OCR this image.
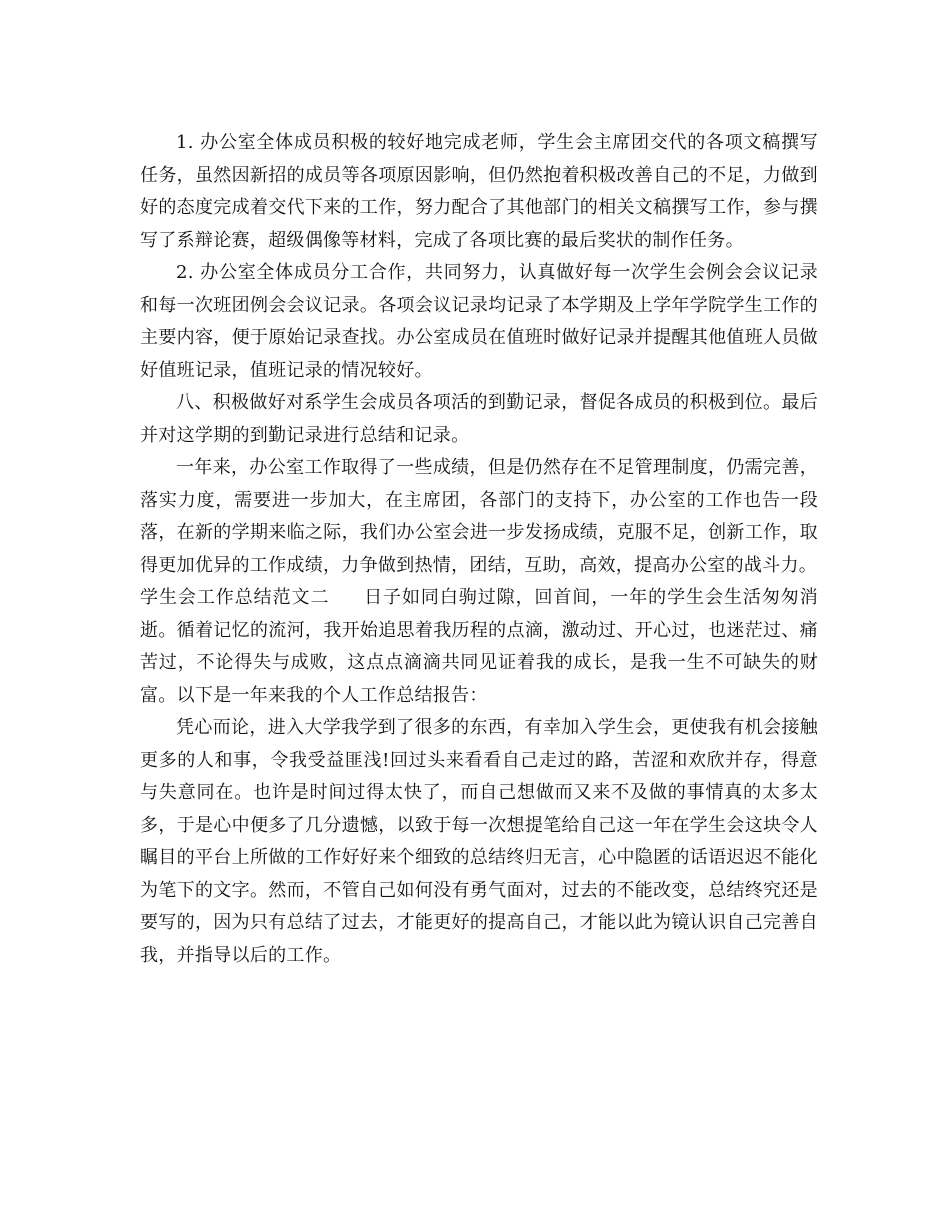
1. 办公室全体成员积极的较好地完成老师，学生会主席团交代的各项文稿撰写任务，虽然因新招的成员等各项原因影响，但仍然抱着积极改善自己的不足，力做到好的态度完成着交代下来的工作，努力配合了其他部门的相关文稿撰写工作，参与撰写了系辩论赛，超级偶像等材料，完成了各项比赛的最后奖状的制作任务。

2. 办公室全体成员分工合作，共同努力，认真做好每一次学生会例会会议记录和每一次班团例会会议记录。各项会议记录均记录了本学期及上学年学院学生工作的主要内容，便于原始记录查找。办公室成员在值班时做好记录并提醒其他值班人员做好值班记录，值班记录的情况较好。

八、积极做好对系学生会成员各项活的到勤记录，督促各成员的积极到位。最后并对这学期的到勤记录进行总结和记录。

一年来，办公室工作取得了一些成绩，但是仍然存在不足管理制度，仍需完善，落实力度，需要进一步加大，在主席团，各部门的支持下，办公室的工作也告一段落，在新的学期来临之际，我们办公室会进一步发扬成绩，克服不足，创新工作，取得更加优异的工作成绩，力争做到热情，团结，互助，高效，提高办公室的战斗力。

学生会工作总结范文二 日子如同白驹过隙，回首间，一年的学生会生活匆匆消逝。循着记忆的流河，我开始追思着我历程的点滴，激动过、开心过，也迷茫过、痛苦过，不论得失与成败，这点点滴滴共同见证着我的成长，是我一生不可缺失的财富。以下是一年来我的个人工作总结报告：

凭心而论，进入大学我学到了很多的东西，有幸加入学生会，更使我有机会接触更多的人和事，令我受益匪浅!回过头来看看自己走过的路，苦涩和欢欣并存，得意与失意同在。也许是时间过得太快了，而自己想做而又来不及做的事情真的太多太多，于是心中便多了几分遗憾，以致于每一次想提笔给自己这一年在学生会这块令人瞩目的平台上所做的工作好好来个细致的总结终归无言，心中隐匿的话语迟迟不能化为笔下的文字。然而，不管自己如何没有勇气面对，过去的不能改变，总结终究还是要写的，因为只有总结了过去，才能更好的提高自己，才能以此为镜认识自己完善自我，并指导以后的工作。
